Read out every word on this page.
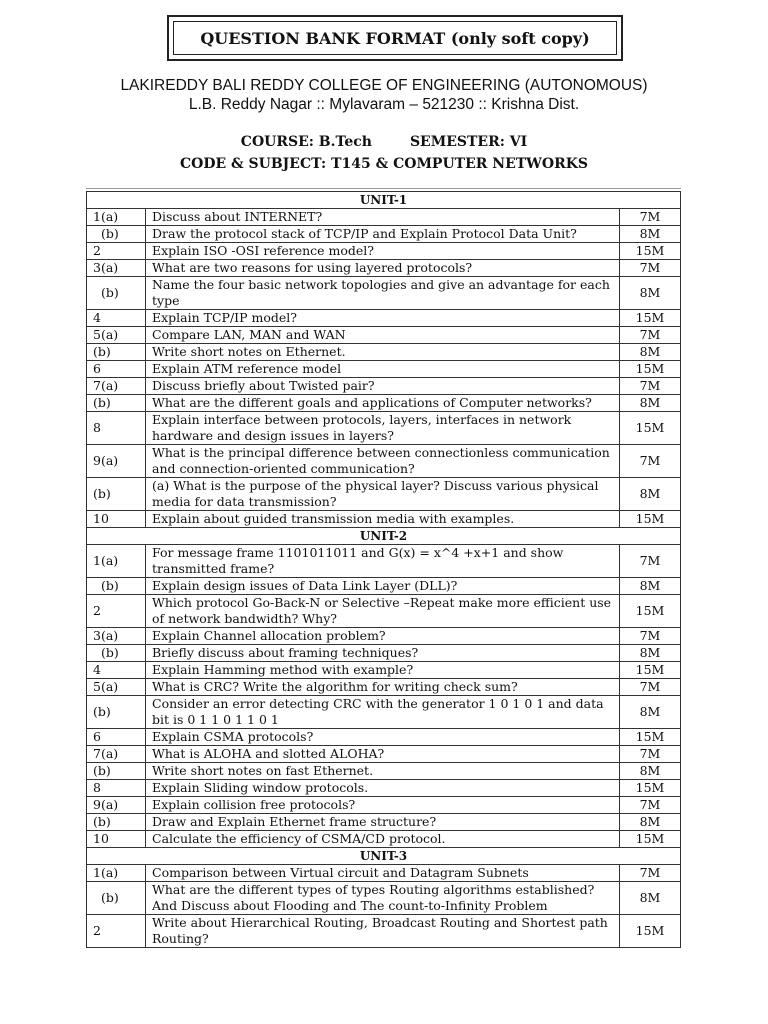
QUESTION BANK FORMAT (only soft copy)
LAKIREDDY BALI REDDY COLLEGE OF ENGINEERING (AUTONOMOUS)
L.B. Reddy Nagar :: Mylavaram – 521230 :: Krishna Dist.
COURSE: B.Tech	SEMESTER: VI
CODE & SUBJECT: T145 & COMPUTER NETWORKS
UNIT-1		
1(a)	Discuss about INTERNET?	7M
(b)	Draw the protocol stack of TCP/IP and Explain Protocol Data Unit?	8M
2	Explain ISO -OSI reference model?	15M
3(a)	What are two reasons for using layered protocols?	7M
(b)	Name the four basic network topologies and give an advantage for each type	8M
4	Explain TCP/IP model?	15M
5(a)	Compare LAN, MAN and WAN	7M
(b)	Write short notes on Ethernet.	8M
6	Explain ATM reference model	15M
7(a)	Discuss briefly about Twisted pair?	7M
(b)	What are the different goals and applications of Computer networks?	8M
8	Explain interface between protocols, layers, interfaces in network hardware and design issues in layers?	15M
9(a)	What is the principal difference between connectionless communication and connection-oriented communication?	7M
(b)	(a) What is the purpose of the physical layer? Discuss various physical media for data transmission?	8M
10	Explain about guided transmission media with examples.	15M
UNIT-2		
1(a)	For message frame 1101011011 and G(x) = x^4 +x+1 and show transmitted frame?	7M
(b)	Explain design issues of Data Link Layer (DLL)?	8M
2	Which protocol Go-Back-N or Selective –Repeat make more efficient use of network bandwidth? Why?	15M
3(a)	Explain Channel allocation problem?	7M
(b)	Briefly discuss about framing techniques?	8M
4	Explain Hamming method with example?	15M
5(a)	What is CRC? Write the algorithm for writing check sum?	7M
(b)	Consider an error detecting CRC with the generator 1 0 1 0 1 and data bit is 0 1 1 0 1 1 0 1	8M
6	Explain CSMA protocols?	15M
7(a)	What is ALOHA and slotted ALOHA?	7M
(b)	Write short notes on fast Ethernet.	8M
8	Explain Sliding window protocols.	15M
9(a)	Explain collision free protocols?	7M
(b)	Draw and Explain Ethernet frame structure?	8M
10	Calculate the efficiency of CSMA/CD protocol.	15M
UNIT-3		
1(a)	Comparison between Virtual circuit and Datagram Subnets	7M
(b)	What are the different types of types Routing algorithms established? And Discuss about Flooding and The count-to-Infinity Problem	8M
2	Write about Hierarchical Routing, Broadcast Routing and Shortest path Routing?	15M
